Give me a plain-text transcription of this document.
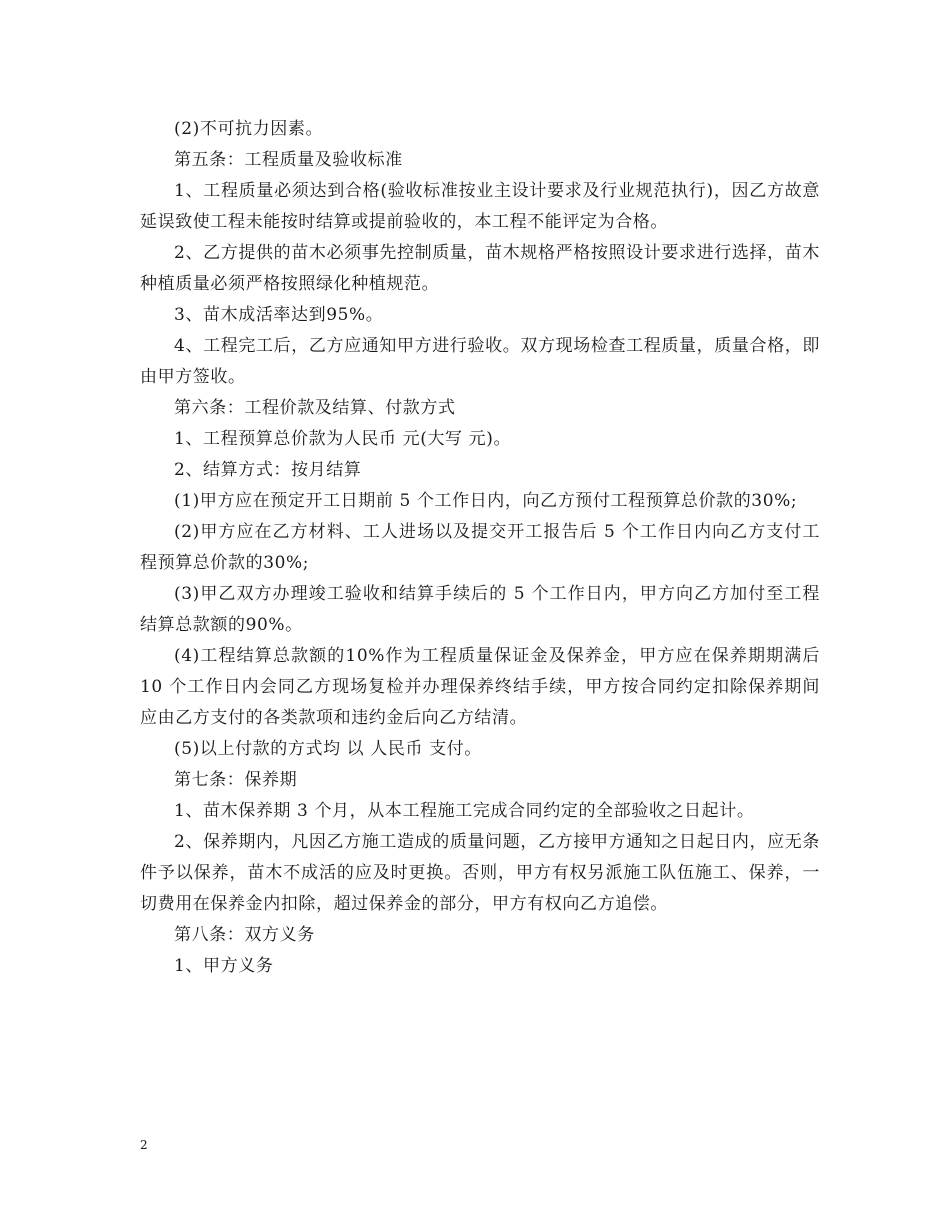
(2)不可抗力因素。

第五条：工程质量及验收标准

1、工程质量必须达到合格(验收标准按业主设计要求及行业规范执行)，因乙方故意延误致使工程未能按时结算或提前验收的，本工程不能评定为合格。

2、乙方提供的苗木必须事先控制质量，苗木规格严格按照设计要求进行选择，苗木种植质量必须严格按照绿化种植规范。

3、苗木成活率达到95%。

4、工程完工后，乙方应通知甲方进行验收。双方现场检查工程质量，质量合格，即由甲方签收。

第六条：工程价款及结算、付款方式

1、工程预算总价款为人民币 元(大写 元)。

2、结算方式：按月结算

(1)甲方应在预定开工日期前 5 个工作日内，向乙方预付工程预算总价款的30%;

(2)甲方应在乙方材料、工人进场以及提交开工报告后 5 个工作日内向乙方支付工程预算总价款的30%;

(3)甲乙双方办理竣工验收和结算手续后的 5 个工作日内，甲方向乙方加付至工程结算总款额的90%。

(4)工程结算总款额的10%作为工程质量保证金及保养金，甲方应在保养期期满后 10 个工作日内会同乙方现场复检并办理保养终结手续，甲方按合同约定扣除保养期间应由乙方支付的各类款项和违约金后向乙方结清。

(5)以上付款的方式均 以 人民币 支付。

第七条：保养期

1、苗木保养期 3 个月，从本工程施工完成合同约定的全部验收之日起计。

2、保养期内，凡因乙方施工造成的质量问题，乙方接甲方通知之日起日内，应无条件予以保养，苗木不成活的应及时更换。否则，甲方有权另派施工队伍施工、保养，一切费用在保养金内扣除，超过保养金的部分，甲方有权向乙方追偿。

第八条：双方义务

1、甲方义务

2
